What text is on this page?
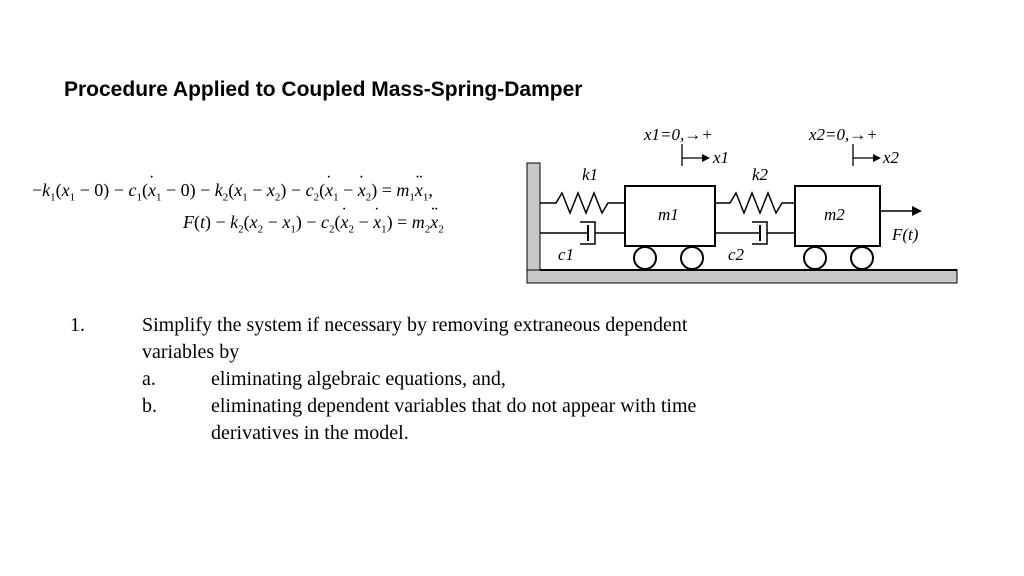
Procedure Applied to Coupled Mass-Spring-Damper
$-k_1(x_1 - 0) - c_1(\cdot x_1 - 0) - k_2(x_1 - x_2) - c_2(\cdot x_1$ − · $x_2) = m_1\cdot\cdot x_1$,
$F(t) - k_2(x_2 - x_1) - c_2(\cdot x_2$ − · $x_1) = m_2\cdot\cdot x_2$
x1=0,→+	x2=0,→+
x1	x2
k1
c1
m1
k2
c2
m2
F(t)
1.	Simplify the system if necessary by removing extraneous dependent
variables by
a.	eliminating algebraic equations, and,
b.	eliminating dependent variables that do not appear with time
derivatives in the model.
